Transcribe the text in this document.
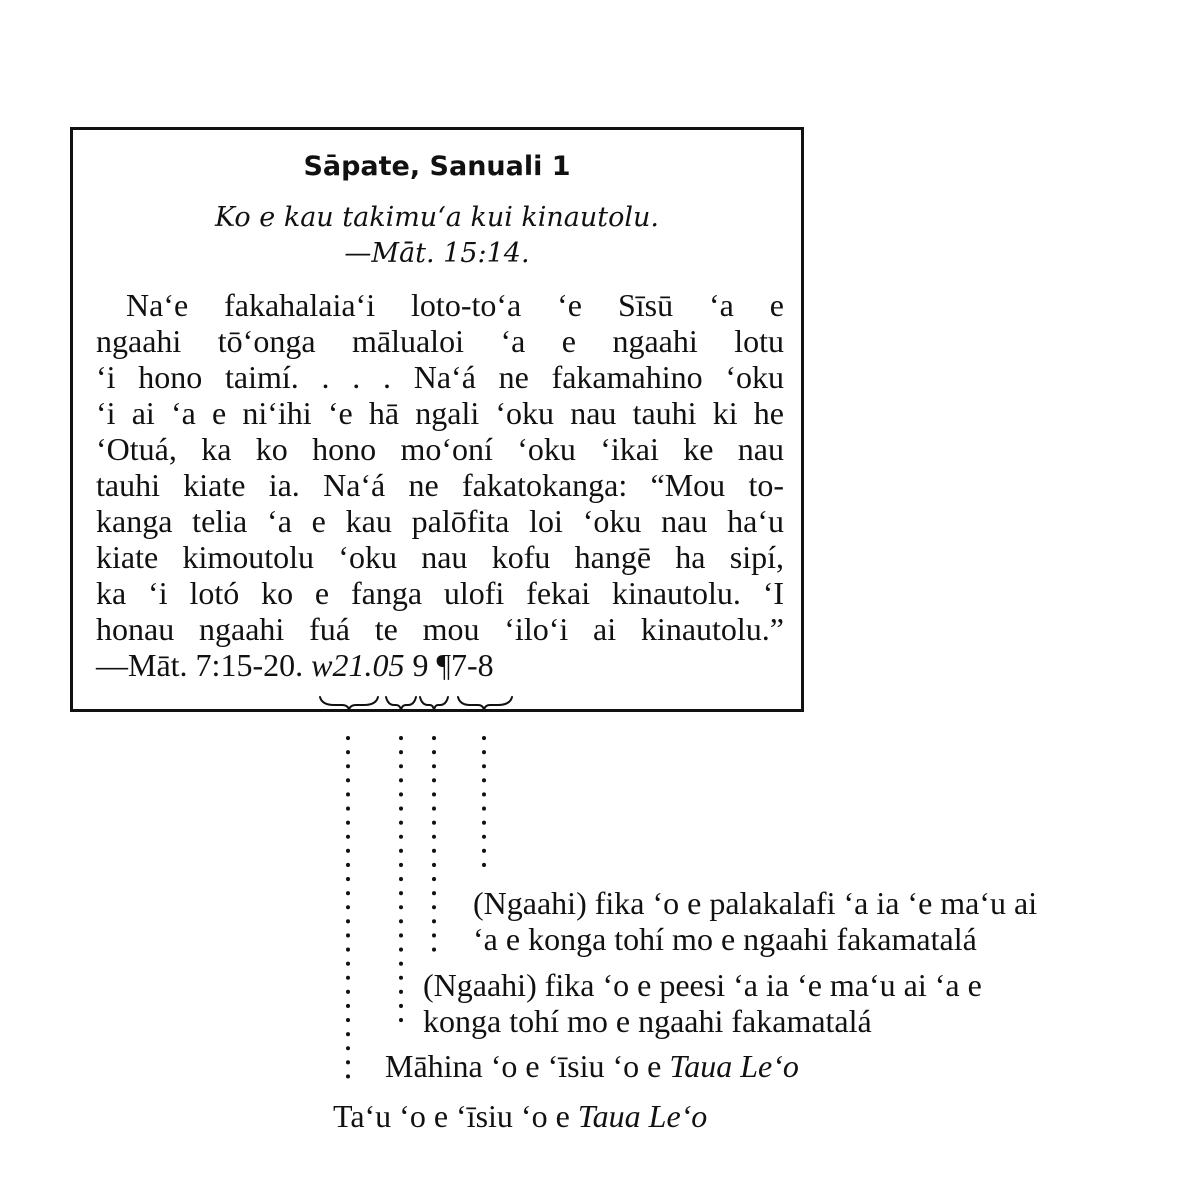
Sāpate, Sanuali 1
Ko e kau takimuʻa kui kinautolu.
—Māt. 15:14.
Naʻe fakahalaiaʻi loto-toʻa ʻe Sīsū ʻa e
ngaahi tōʻonga mālualoi ʻa e ngaahi lotu
ʻi hono taimí. . . . Naʻá ne fakamahino ʻoku
ʻi ai ʻa e niʻihi ʻe hā ngali ʻoku nau tauhi ki he
ʻOtuá, ka ko hono moʻoní ʻoku ʻikai ke nau
tauhi kiate ia. Naʻá ne fakatokanga: “Mou to-
kanga telia ʻa e kau palōfita loi ʻoku nau haʻu
kiate kimoutolu ʻoku nau kofu hangē ha sipí,
ka ʻi lotó ko e fanga ulofi fekai kinautolu. ʻI
honau ngaahi fuá te mou ʻiloʻi ai kinautolu.”
—Māt. 7:15-20. w21.05 9 ¶7-8
(Ngaahi) fika ʻo e palakalafi ʻa ia ʻe maʻu ai
ʻa e konga tohí mo e ngaahi fakamatalá
(Ngaahi) fika ʻo e peesi ʻa ia ʻe maʻu ai ʻa e
konga tohí mo e ngaahi fakamatalá
Māhina ʻo e ʻīsiu ʻo e Taua Leʻo
Taʻu ʻo e ʻīsiu ʻo e Taua Leʻo
